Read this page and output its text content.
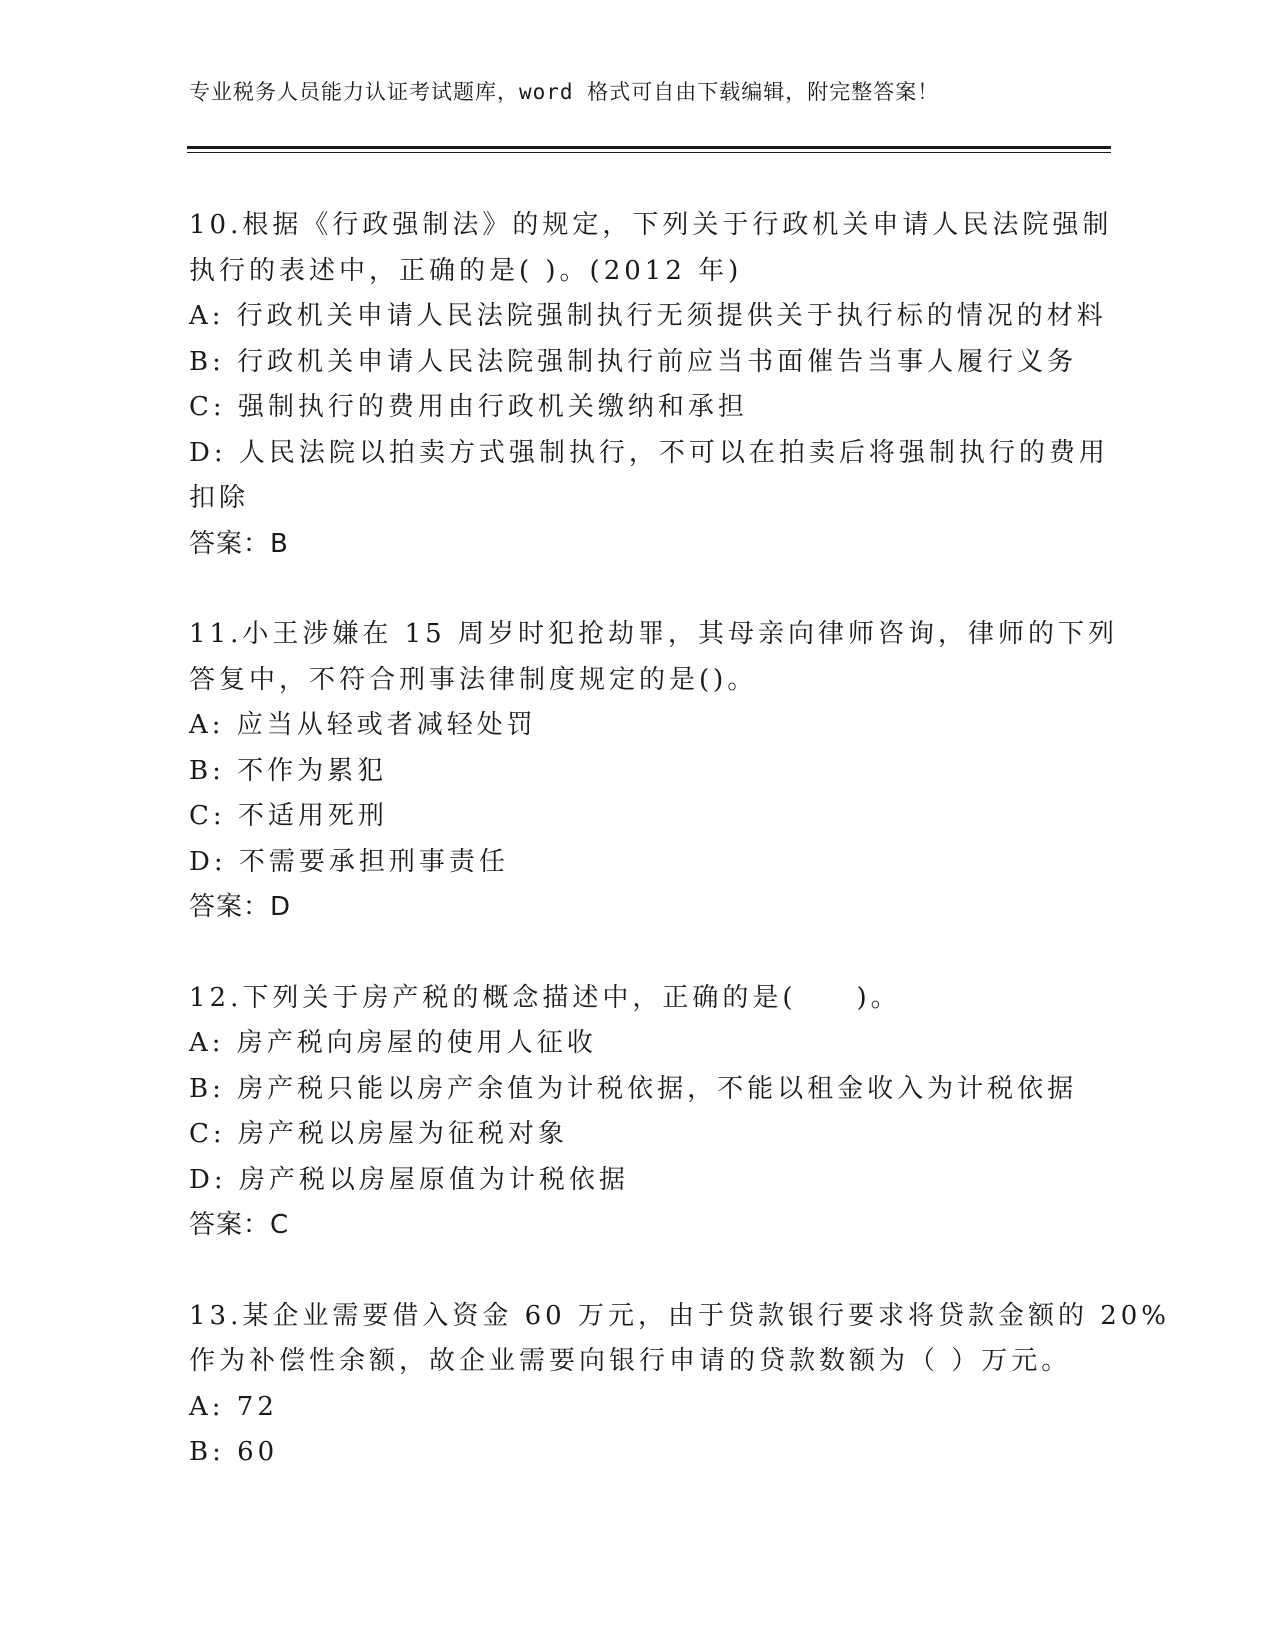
专业税务人员能力认证考试题库，word 格式可自由下载编辑，附完整答案！
10.根据《行政强制法》的规定，下列关于行政机关申请人民法院强制
执行的表述中，正确的是( )。(2012 年)
A: 行政机关申请人民法院强制执行无须提供关于执行标的情况的材料
B: 行政机关申请人民法院强制执行前应当书面催告当事人履行义务
C: 强制执行的费用由行政机关缴纳和承担
D: 人民法院以拍卖方式强制执行，不可以在拍卖后将强制执行的费用
扣除
答案：B
11.小王涉嫌在 15 周岁时犯抢劫罪，其母亲向律师咨询，律师的下列
答复中，不符合刑事法律制度规定的是()。
A: 应当从轻或者减轻处罚
B: 不作为累犯
C: 不适用死刑
D: 不需要承担刑事责任
答案：D
12.下列关于房产税的概念描述中，正确的是(　　)。
A: 房产税向房屋的使用人征收
B: 房产税只能以房产余值为计税依据，不能以租金收入为计税依据
C: 房产税以房屋为征税对象
D: 房产税以房屋原值为计税依据
答案：C
13.某企业需要借入资金 60 万元，由于贷款银行要求将贷款金额的 20%
作为补偿性余额，故企业需要向银行申请的贷款数额为（ ）万元。
A: 72
B: 60
